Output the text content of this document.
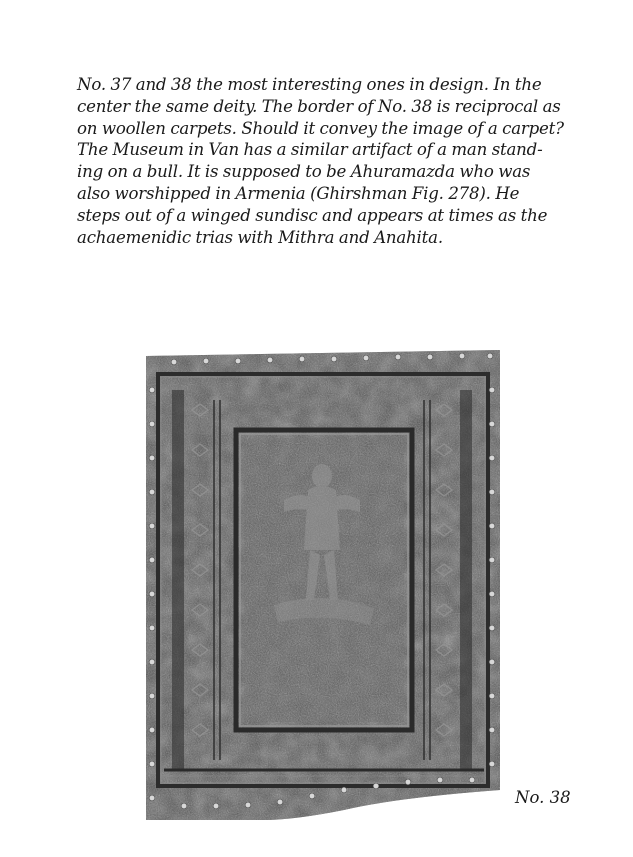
No. 37 and 38 the most interesting ones in design. In the
center the same deity. The border of No. 38 is reciprocal as
on woollen carpets. Should it convey the image of a carpet?
The Museum in Van has a similar artifact of a man stand-
ing on a bull. It is supposed to be Ahuramazda who was
also worshipped in Armenia (Ghirshman Fig. 278). He
steps out of a winged sundisc and appears at times as the
achaemenidic trias with Mithra and Anahita.

No. 38
